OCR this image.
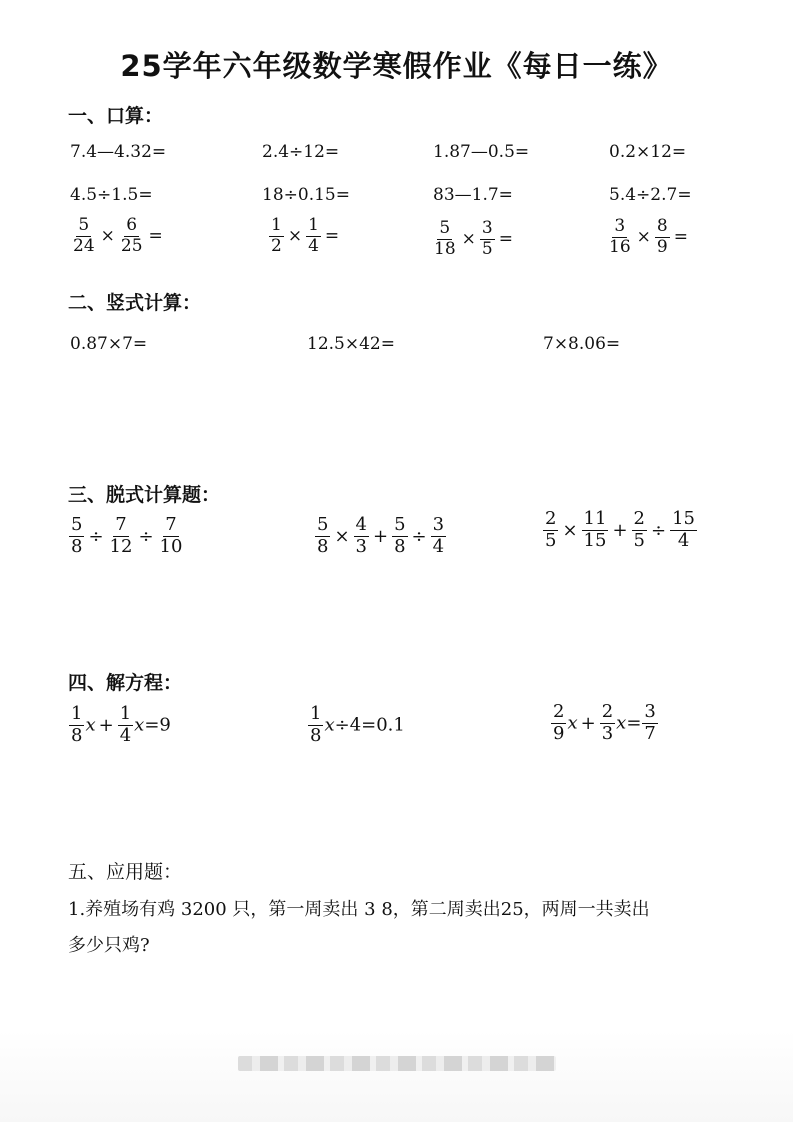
25学年六年级数学寒假作业《每日一练》
一、口算：
7.4—4.32=	2.4÷12=	1.87—0.5=	0.2×12=
4.5÷1.5=	18÷0.15=	83—1.7=	5.4÷2.7=
$\frac{5}{24} \times \frac{6}{25}$ =	$\frac{1}{2} \times \frac{1}{4}$ =	$\frac{5}{18} \times \frac{3}{5}$ =	$\frac{3}{16} \times \frac{8}{9}$ =
二、竖式计算：
0.87×7=	12.5×42=	7×8.06=
三、脱式计算题：
$\frac{5}{8} \div \frac{7}{12} \div \frac{7}{10}$	$\frac{5}{8} \times \frac{4}{3} + \frac{5}{8} \div \frac{3}{4}$	$\frac{2}{5} \times \frac{11}{15} + \frac{2}{5} \div \frac{15}{4}$
四、解方程：
$\frac{1}{8}$ $x + \frac{1}{4} x=9$	$\frac{1}{8} x\div 4=0.1$	$\frac{2}{9}$ $x + \frac{2}{3} x= \frac{3}{7}$
五、应用题：
1.养殖场有鸡 3200 只，第一周卖出 3 8，第二周卖出25，两周一共卖出
多少只鸡?
